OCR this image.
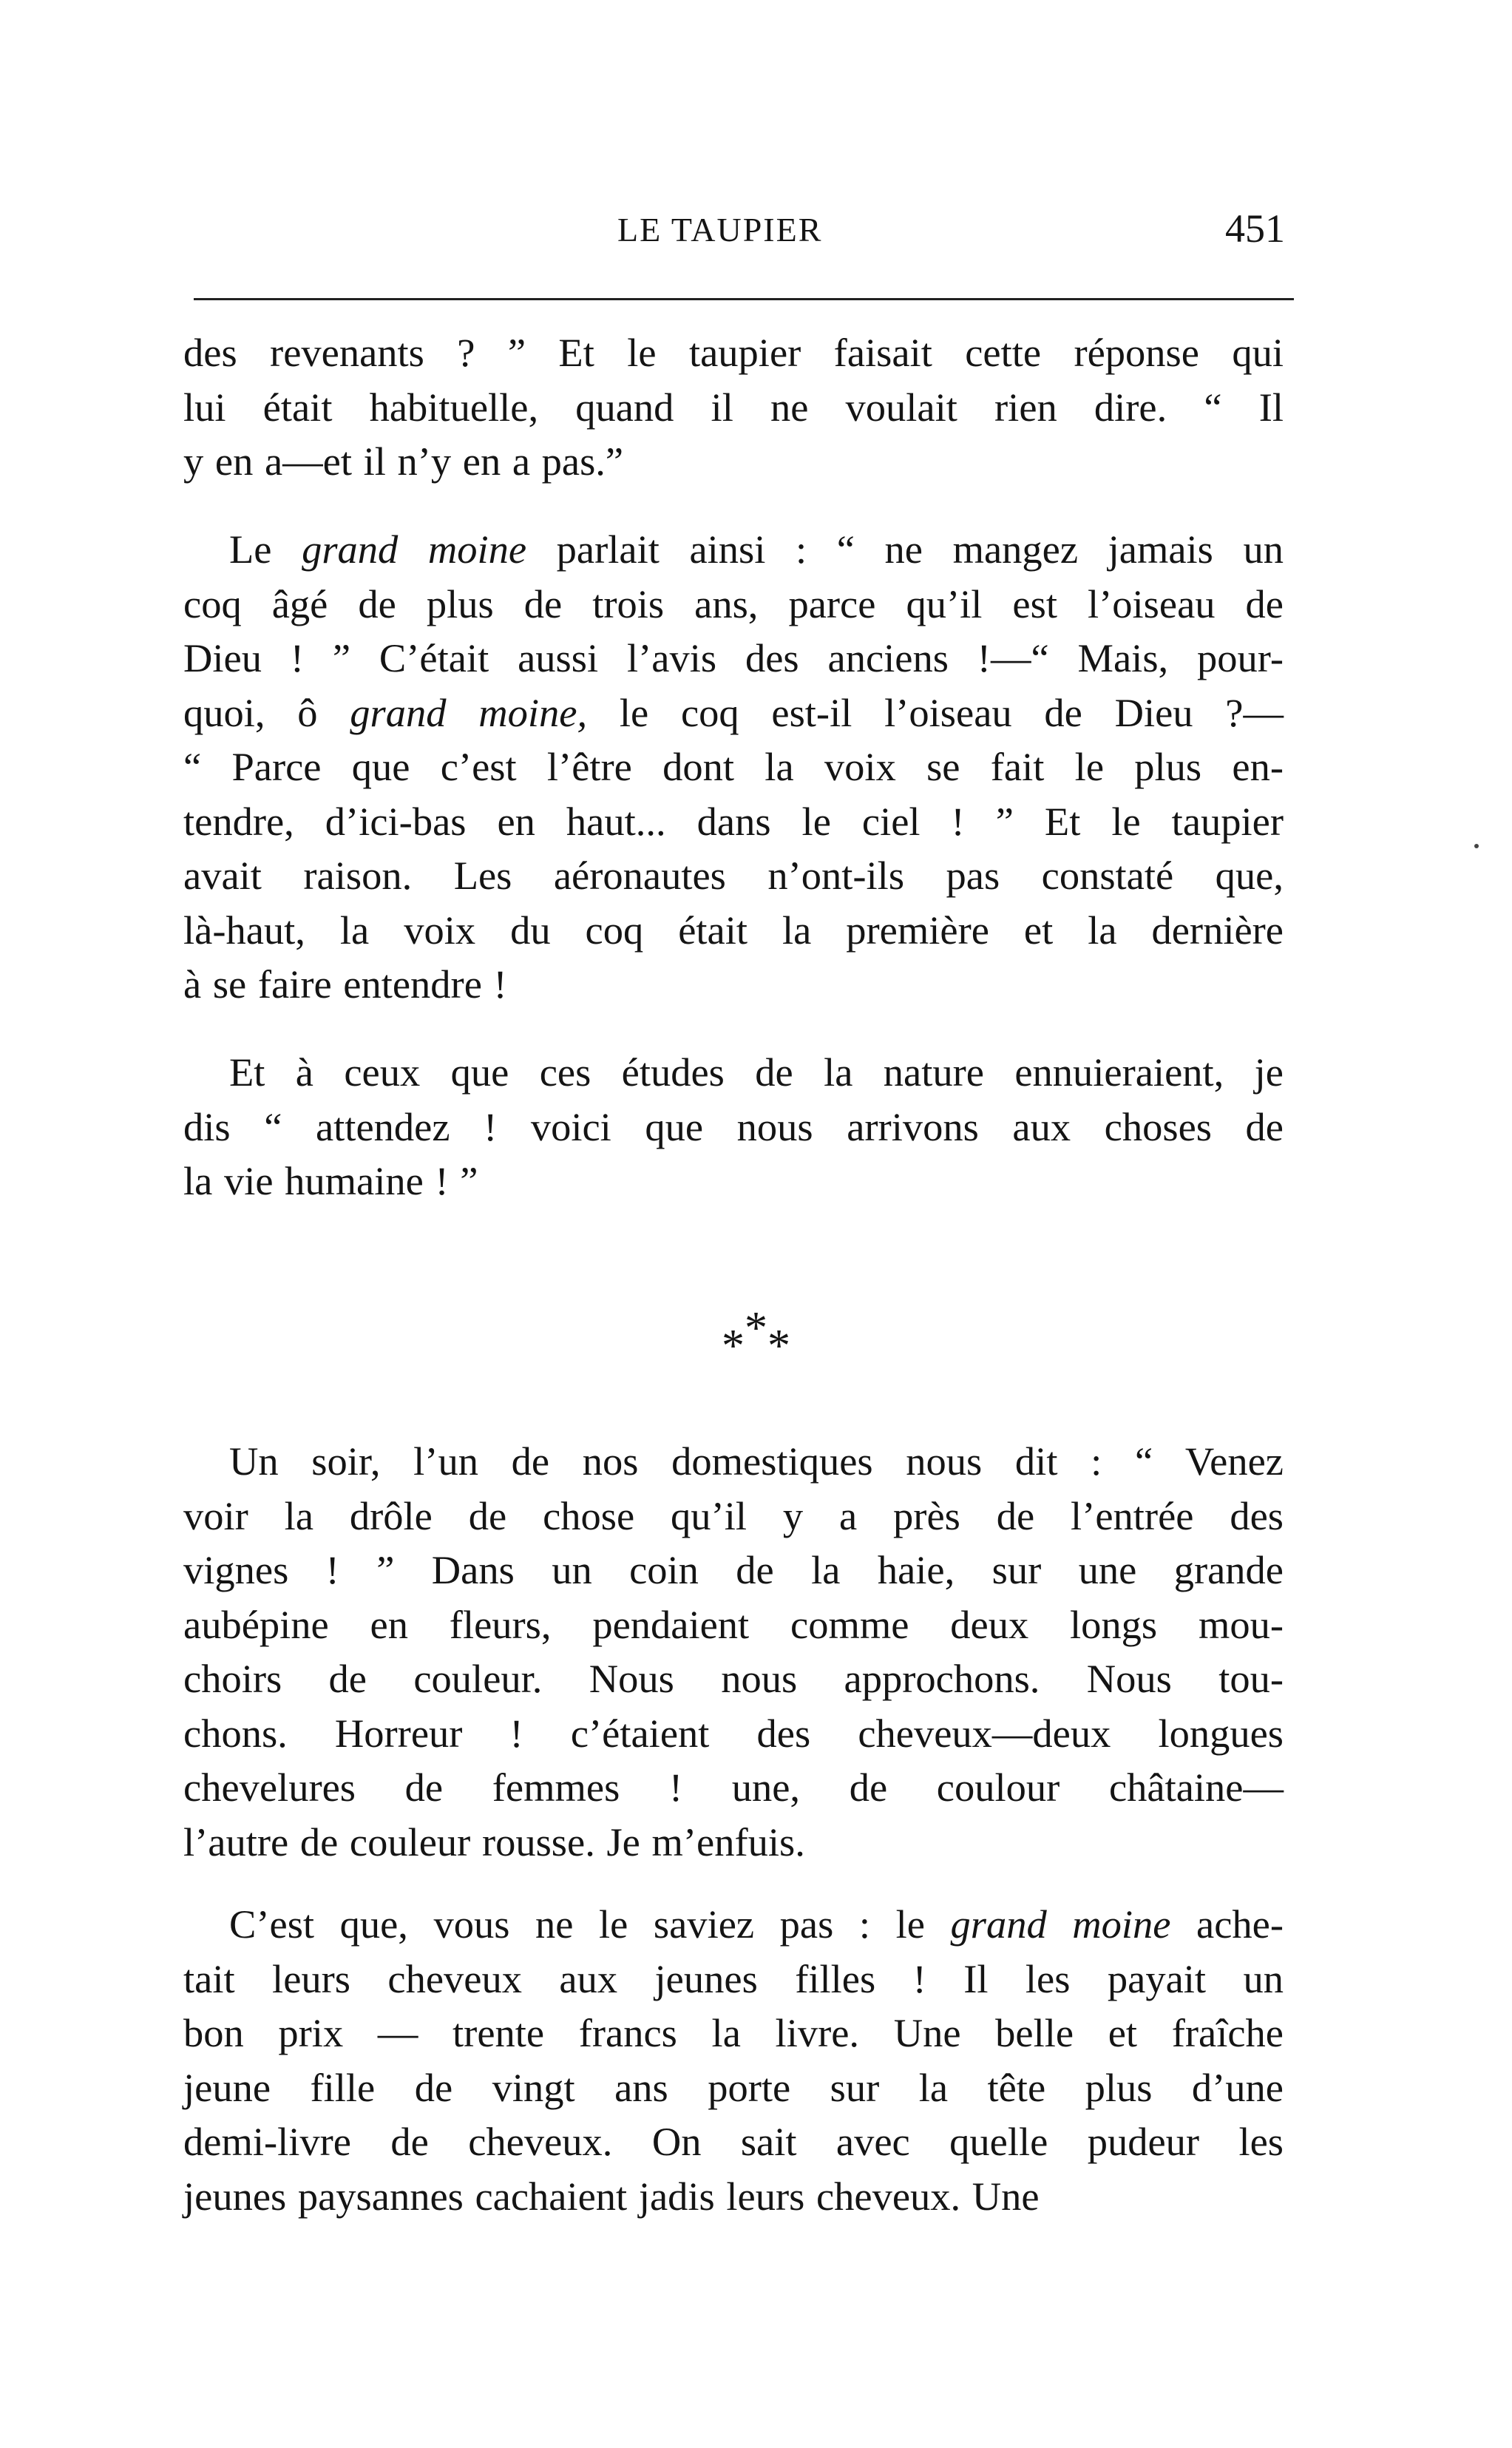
LE TAUPIER	451
des revenants ? ” Et le taupier faisait cette réponse qui
lui était habituelle, quand il ne voulait rien dire. “ Il
y en a—et il n’y en a pas.”
Le grand moine parlait ainsi : “ ne mangez jamais un
coq âgé de plus de trois ans, parce qu’il est l’oiseau de
Dieu ! ” C’était aussi l’avis des anciens !—“ Mais, pour-
quoi, ô grand moine, le coq est-il l’oiseau de Dieu ?—
“ Parce que c’est l’être dont la voix se fait le plus en-
tendre, d’ici-bas en haut... dans le ciel ! ” Et le taupier
avait raison. Les aéronautes n’ont-ils pas constaté que,
là-haut, la voix du coq était la première et la dernière
à se faire entendre !
Et à ceux que ces études de la nature ennuieraient, je
dis “ attendez ! voici que nous arrivons aux choses de
la vie humaine ! ”
***
Un soir, l’un de nos domestiques nous dit : “ Venez
voir la drôle de chose qu’il y a près de l’entrée des
vignes ! ” Dans un coin de la haie, sur une grande
aubépine en fleurs, pendaient comme deux longs mou-
choirs de couleur. Nous nous approchons. Nous tou-
chons. Horreur ! c’étaient des cheveux—deux longues
chevelures de femmes ! une, de coulour châtaine—
l’autre de couleur rousse. Je m’enfuis.
C’est que, vous ne le saviez pas : le grand moine ache-
tait leurs cheveux aux jeunes filles ! Il les payait un
bon prix — trente francs la livre. Une belle et fraîche
jeune fille de vingt ans porte sur la tête plus d’une
demi-livre de cheveux. On sait avec quelle pudeur les
jeunes paysannes cachaient jadis leurs cheveux. Une
